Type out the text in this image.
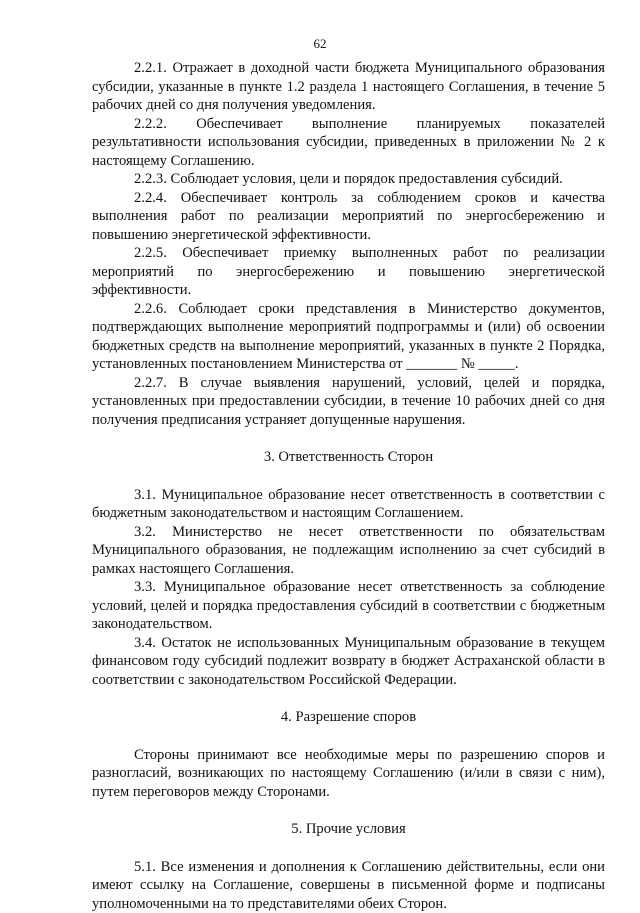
62

2.2.1. Отражает в доходной части бюджета Муниципального образования субсидии, указанные в пункте 1.2 раздела 1 настоящего Соглашения, в течение 5 рабочих дней со дня получения уведомления.

2.2.2. Обеспечивает выполнение планируемых показателей результативности использования субсидии, приведенных в приложении № 2 к настоящему Соглашению.

2.2.3. Соблюдает условия, цели и порядок предоставления субсидий.

2.2.4. Обеспечивает контроль за соблюдением сроков и качества выполнения работ по реализации мероприятий по энергосбережению и повышению энергетической эффективности.

2.2.5. Обеспечивает приемку выполненных работ по реализации мероприятий по энергосбережению и повышению энергетической эффективности.

2.2.6. Соблюдает сроки представления в Министерство документов, подтверждающих выполнение мероприятий подпрограммы и (или) об освоении бюджетных средств на выполнение мероприятий, указанных в пункте 2 Порядка, установленных постановлением Министерства от _______ № _____.

2.2.7. В случае выявления нарушений, условий, целей и порядка, установленных при предоставлении субсидии, в течение 10 рабочих дней со дня получения предписания устраняет допущенные нарушения.

3. Ответственность Сторон

3.1. Муниципальное образование несет ответственность в соответствии с бюджетным законодательством и настоящим Соглашением.

3.2. Министерство не несет ответственности по обязательствам Муниципального образования, не подлежащим исполнению за счет субсидий в рамках настоящего Соглашения.

3.3. Муниципальное образование несет ответственность за соблюдение условий, целей и порядка предоставления субсидий в соответствии с бюджетным законодательством.

3.4. Остаток не использованных Муниципальным образование в текущем финансовом году субсидий подлежит возврату в бюджет Астраханской области в соответствии с законодательством Российской Федерации.

4. Разрешение споров

Стороны принимают все необходимые меры по разрешению споров и разногласий, возникающих по настоящему Соглашению (и/или в связи с ним), путем переговоров между Сторонами.

5. Прочие условия

5.1. Все изменения и дополнения к Соглашению действительны, если они имеют ссылку на Соглашение, совершены в письменной форме и подписаны уполномоченными на то представителями обеих Сторон.
